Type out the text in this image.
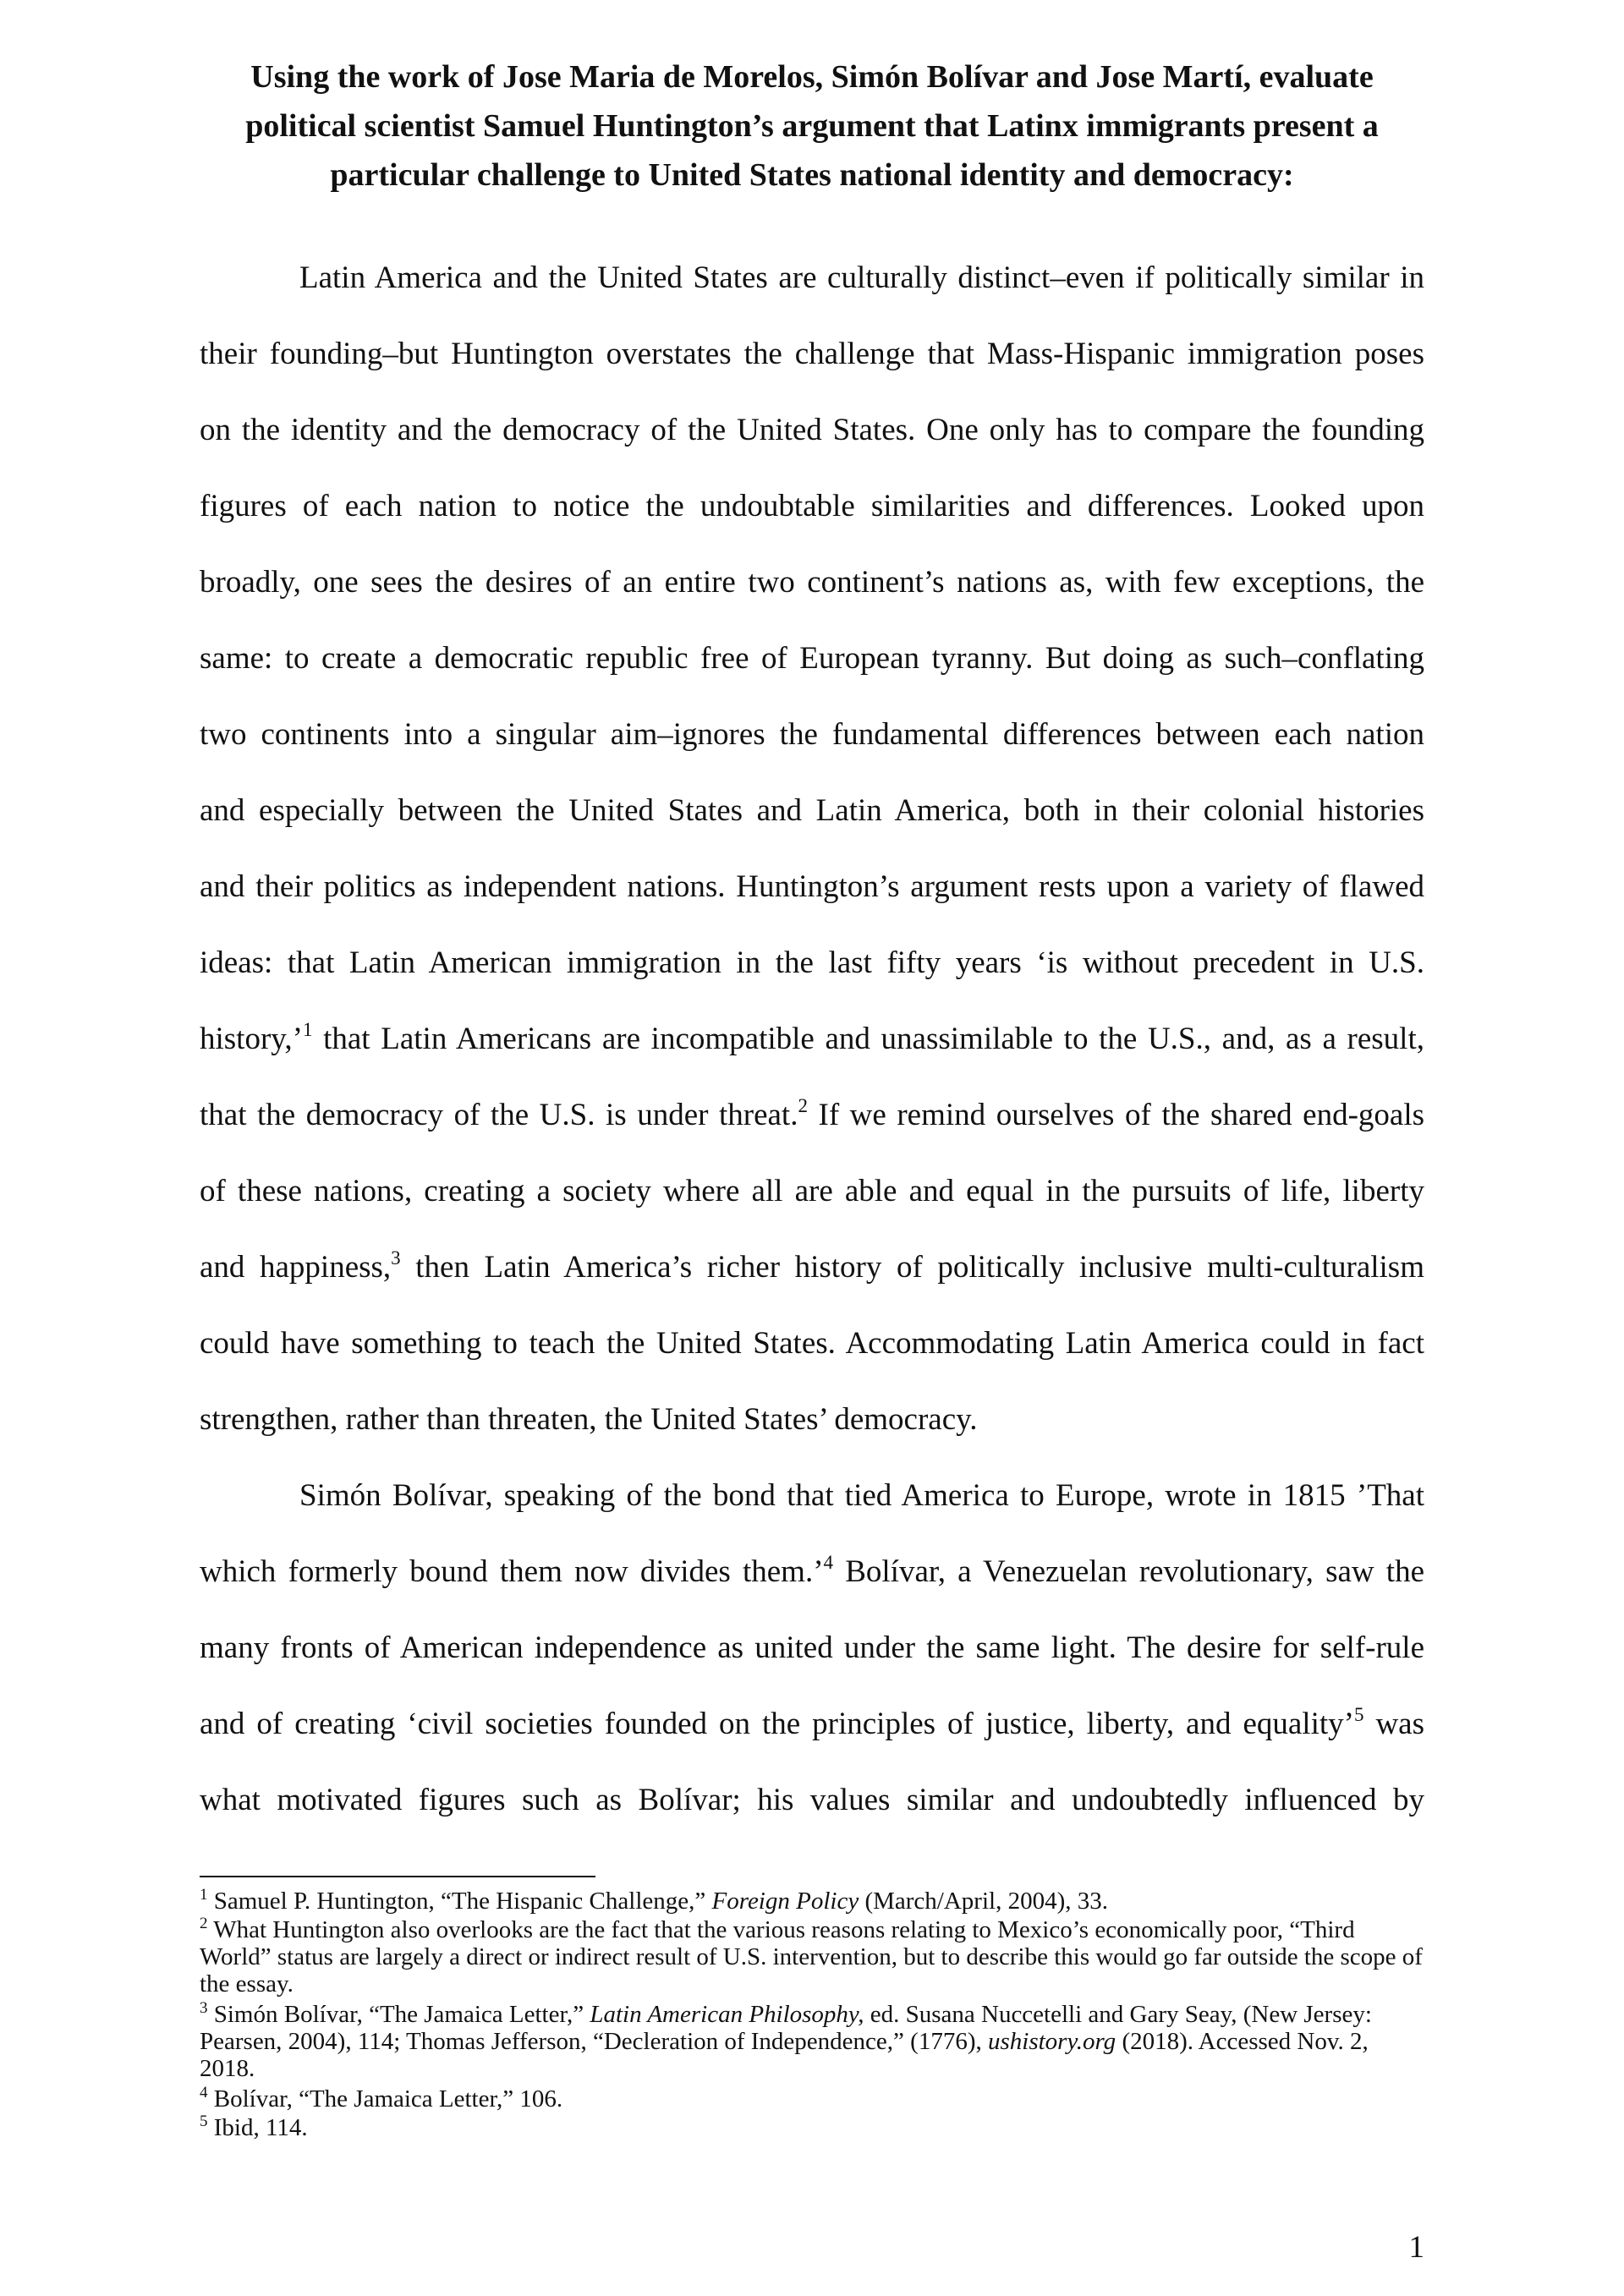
Using the work of Jose Maria de Morelos, Simón Bolívar and Jose Martí, evaluate political scientist Samuel Huntington’s argument that Latinx immigrants present a particular challenge to United States national identity and democracy:
Latin America and the United States are culturally distinct–even if politically similar in
their founding–but Huntington overstates the challenge that Mass-Hispanic immigration poses
on the identity and the democracy of the United States. One only has to compare the founding
figures of each nation to notice the undoubtable similarities and differences. Looked upon
broadly, one sees the desires of an entire two continent’s nations as, with few exceptions, the
same: to create a democratic republic free of European tyranny. But doing as such–conflating
two continents into a singular aim–ignores the fundamental differences between each nation
and especially between the United States and Latin America, both in their colonial histories
and their politics as independent nations. Huntington’s argument rests upon a variety of flawed
ideas: that Latin American immigration in the last fifty years ‘is without precedent in U.S.
history,’$^1$ that Latin Americans are incompatible and unassimilable to the U.S., and, as a result,
that the democracy of the U.S. is under threat.$^2$ If we remind ourselves of the shared end-goals
of these nations, creating a society where all are able and equal in the pursuits of life, liberty
and happiness,$^3$ then Latin America’s richer history of politically inclusive multi-culturalism
could have something to teach the United States. Accommodating Latin America could in fact
strengthen, rather than threaten, the United States’ democracy.
Simón Bolívar, speaking of the bond that tied America to Europe, wrote in 1815 ’That
which formerly bound them now divides them.’$^4$ Bolívar, a Venezuelan revolutionary, saw the
many fronts of American independence as united under the same light. The desire for self-rule
and of creating ‘civil societies founded on the principles of justice, liberty, and equality’$^5$ was
what motivated figures such as Bolívar; his values similar and undoubtedly influenced by
$^1$ Samuel P. Huntington, “The Hispanic Challenge,” Foreign Policy (March/April, 2004), 33.
$^2$ What Huntington also overlooks are the fact that the various reasons relating to Mexico’s economically poor, “Third World” status are largely a direct or indirect result of U.S. intervention, but to describe this would go far outside the scope of the essay.
$^3$ Simón Bolívar, “The Jamaica Letter,” Latin American Philosophy, ed. Susana Nuccetelli and Gary Seay, (New Jersey: Pearsen, 2004), 114; Thomas Jefferson, “Decleration of Independence,” (1776), ushistory.org (2018). Accessed Nov. 2, 2018.
$^4$ Bolívar, “The Jamaica Letter,” 106.
$^5$ Ibid, 114.
1
